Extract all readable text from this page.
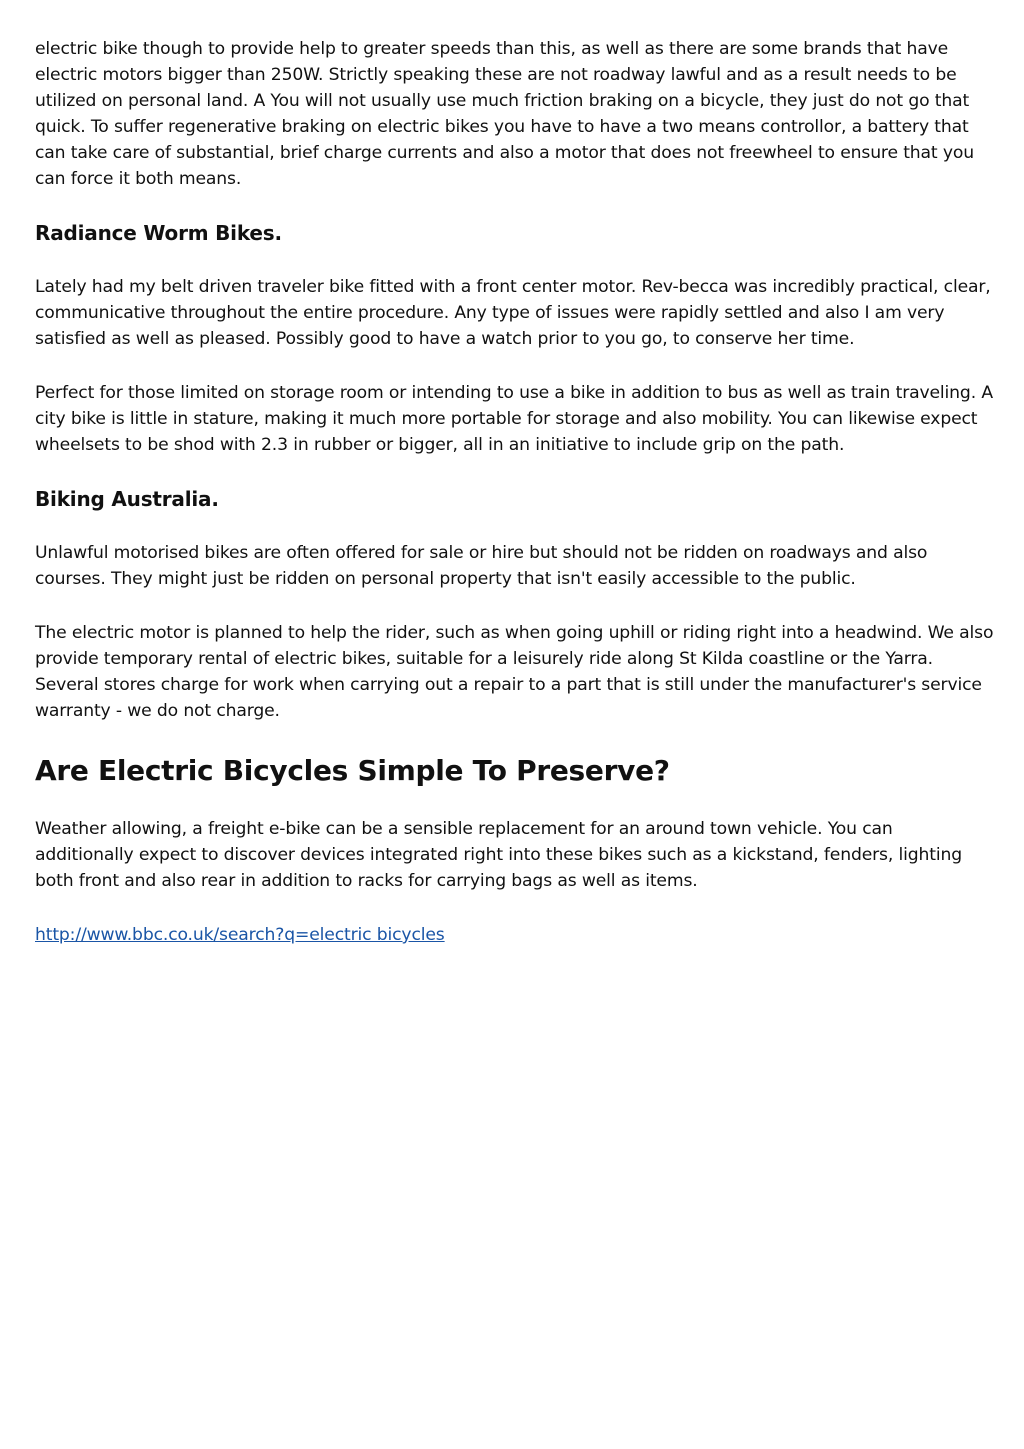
electric bike though to provide help to greater speeds than this, as well as there are some brands that have electric motors bigger than 250W. Strictly speaking these are not roadway lawful and as a result needs to be utilized on personal land. A You will not usually use much friction braking on a bicycle, they just do not go that quick. To suffer regenerative braking on electric bikes you have to have a two means controllor, a battery that can take care of substantial, brief charge currents and also a motor that does not freewheel to ensure that you can force it both means.

Radiance Worm Bikes.

Lately had my belt driven traveler bike fitted with a front center motor. Rev-becca was incredibly practical, clear, communicative throughout the entire procedure. Any type of issues were rapidly settled and also I am very satisfied as well as pleased. Possibly good to have a watch prior to you go, to conserve her time.

Perfect for those limited on storage room or intending to use a bike in addition to bus as well as train traveling. A city bike is little in stature, making it much more portable for storage and also mobility. You can likewise expect wheelsets to be shod with 2.3 in rubber or bigger, all in an initiative to include grip on the path.

Biking Australia.

Unlawful motorised bikes are often offered for sale or hire but should not be ridden on roadways and also courses. They might just be ridden on personal property that isn't easily accessible to the public.

The electric motor is planned to help the rider, such as when going uphill or riding right into a headwind. We also provide temporary rental of electric bikes, suitable for a leisurely ride along St Kilda coastline or the Yarra. Several stores charge for work when carrying out a repair to a part that is still under the manufacturer's service warranty - we do not charge.

Are Electric Bicycles Simple To Preserve?

Weather allowing, a freight e-bike can be a sensible replacement for an around town vehicle. You can additionally expect to discover devices integrated right into these bikes such as a kickstand, fenders, lighting both front and also rear in addition to racks for carrying bags as well as items.

http://www.bbc.co.uk/search?q=electric bicycles
